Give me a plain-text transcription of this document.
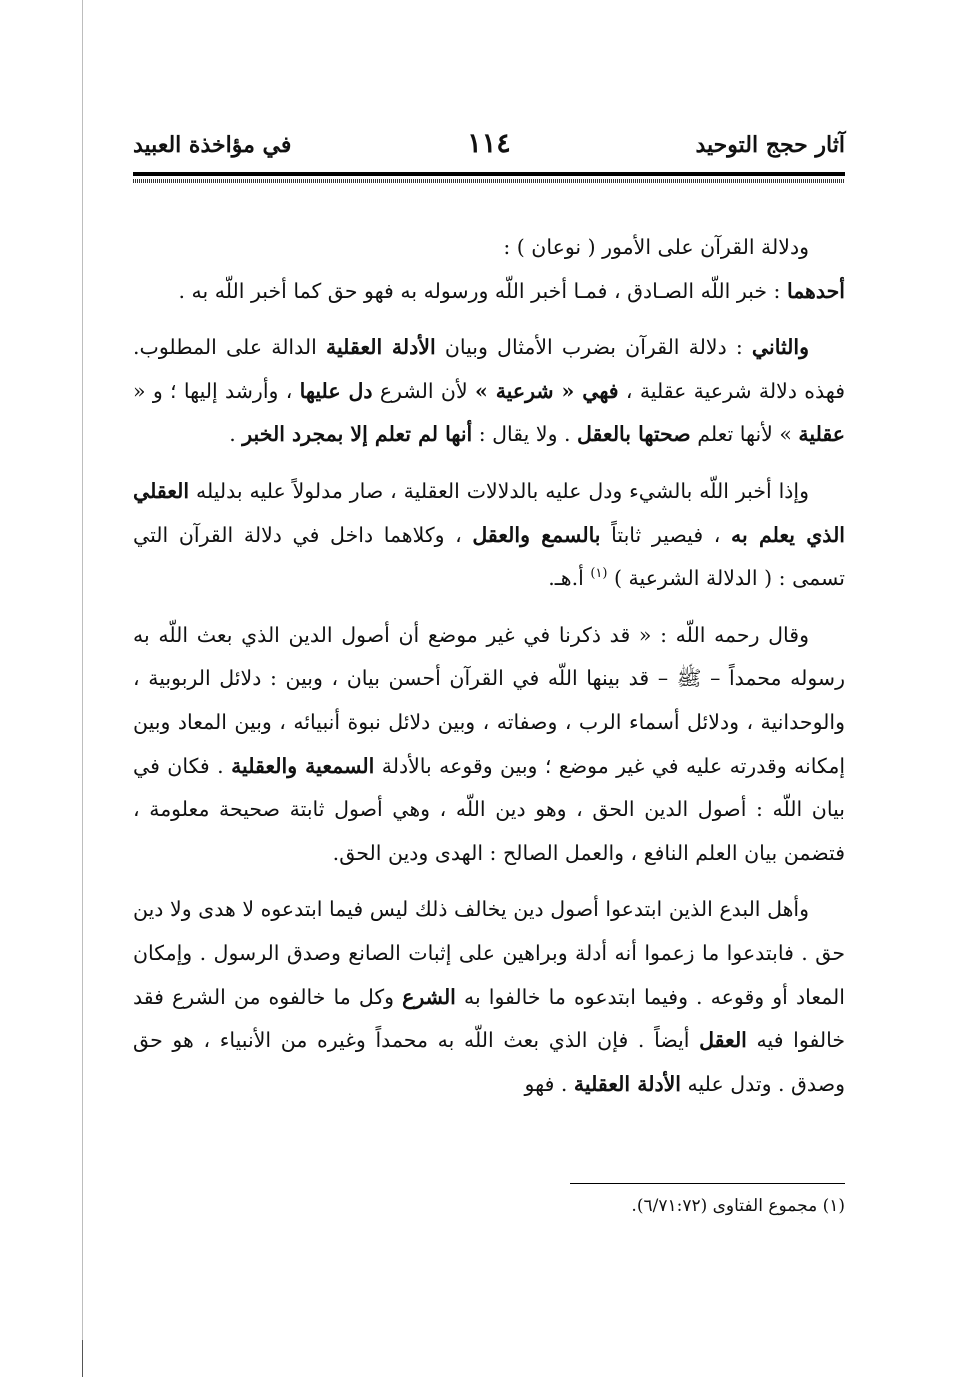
آثار حجج التوحيد
١١٤
في مؤاخذة العبيد

ودلالة القرآن على الأمور ( نوعان ) :

أحدهما : خبر اللّه الصـادق ، فمـا أخبر اللّه ورسوله به فهو حق كما أخبر اللّه به .

والثاني : دلالة القرآن بضرب الأمثال وبيان الأدلة العقلية الدالة على المطلوب. فهذه دلالة شرعية عقلية ، فهي « شرعية » لأن الشرع دل عليها ، وأرشد إليها ؛ و « عقلية » لأنها تعلم صحتها بالعقل . ولا يقال : أنها لم تعلم إلا بمجرد الخبر .

وإذا أخبر اللّه بالشيء ودل عليه بالدلالات العقلية ، صار مدلولاً عليه بدليله العقلي الذي يعلم به ، فيصير ثابتاً بالسمع والعقل ، وكلاهما داخل في دلالة القرآن التي تسمى : ( الدلالة الشرعية ) $^{(١)}$ أ.هـ.

وقال رحمه اللّه : « قد ذكرنا في غير موضع أن أصول الدين الذي بعث اللّه به رسوله محمداً – ﷺ – قد بينها اللّه في القرآن أحسن بيان ، وبين : دلائل الربوبية ، والوحدانية ، ودلائل أسماء الرب ، وصفاته ، وبين دلائل نبوة أنبيائه ، وبين المعاد وبين إمكانه وقدرته عليه في غير موضع ؛ وبين وقوعه بالأدلة السمعية والعقلية . فكان في بيان اللّه : أصول الدين الحق ، وهو دين اللّه ، وهي أصول ثابتة صحيحة معلومة ، فتضمن بيان العلم النافع ، والعمل الصالح : الهدى ودين الحق.

وأهل البدع الذين ابتدعوا أصول دين يخالف ذلك ليس فيما ابتدعوه لا هدى ولا دين حق . فابتدعوا ما زعموا أنه أدلة وبراهين على إثبات الصانع وصدق الرسول . وإمكان المعاد أو وقوعه . وفيما ابتدعوه ما خالفوا به الشرع وكل ما خالفوه من الشرع فقد خالفوا فيه العقل أيضاً . فإن الذي بعث اللّه به محمداً وغيره من الأنبياء ، هو حق وصدق . وتدل عليه الأدلة العقلية . فهو

(١) مجموع الفتاوى (٦/٧١:٧٢).
